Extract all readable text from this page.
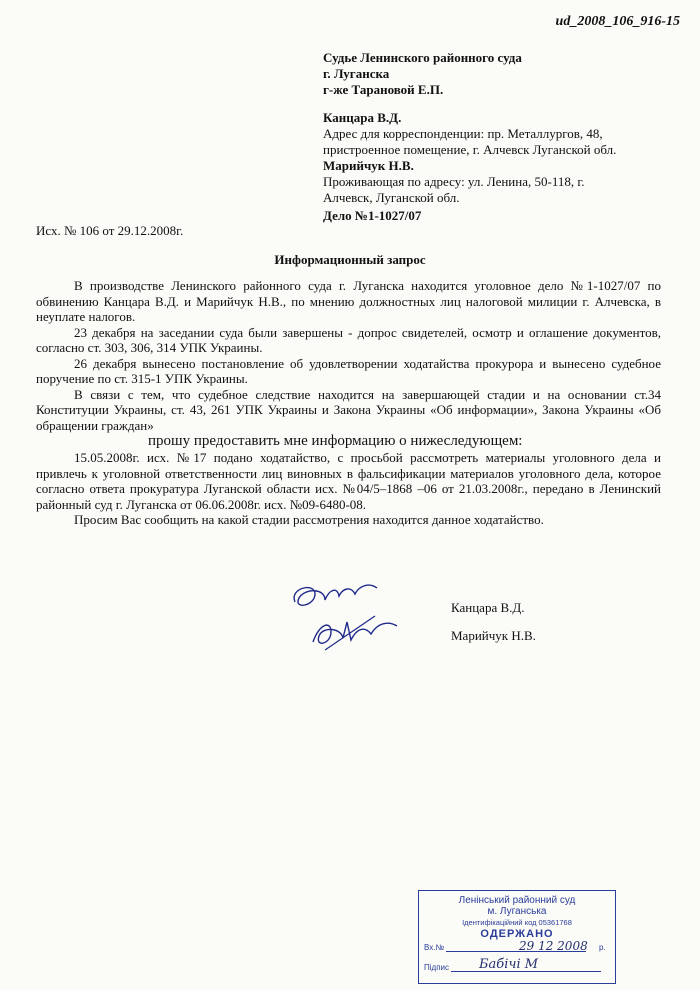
ud_2008_106_916-15
Судье Ленинского районного суда
г. Луганска
г-же Тарановой Е.П.
Канцара В.Д.
Адрес для корреспонденции: пр. Металлургов, 48,
пристроенное помещение, г. Алчевск Луганской обл.
Марийчук Н.В.
Проживающая по адресу: ул. Ленина, 50-118, г.
Алчевск, Луганской обл.
Дело №1-1027/07
Исх. № 106 от 29.12.2008г.
Информационный запрос

В производстве Ленинского районного суда г. Луганска находится уголовное дело №1-1027/07 по обвинению Канцара В.Д. и Марийчук Н.В., по мнению должностных лиц налоговой милиции г. Алчевска, в неуплате налогов.

23 декабря на заседании суда были завершены - допрос свидетелей, осмотр и оглашение документов, согласно ст. 303, 306, 314 УПК Украины.

26 декабря вынесено постановление об удовлетворении ходатайства прокурора и вынесено судебное поручение по ст. 315-1 УПК Украины.

В связи с тем, что судебное следствие находится на завершающей стадии и на основании ст.34 Конституции Украины, ст. 43, 261 УПК Украины и Закона Украины «Об информации», Закона Украины «Об обращении граждан»

прошу предоставить мне информацию о нижеследующем:

15.05.2008г. исх. №17 подано ходатайство, с просьбой рассмотреть материалы уголовного дела и привлечь к уголовной ответственности лиц виновных в фальсификации материалов уголовного дела, которое согласно ответа прокуратура Луганской области исх. №04/5–1868 –06 от 21.03.2008г., передано в Ленинский районный суд г. Луганска от 06.06.2008г. исх. №09-6480-08.

Просим Вас сообщить на какой стадии рассмотрения находится данное ходатайство.

Канцара В.Д.
Марийчук Н.В.
Ленінський районний суд
м. Луганська
Ідентифікаційний код 05361768
ОДЕРЖАНО
Вх.№	29 12 2008 р.
Підпис	Бабічі М
